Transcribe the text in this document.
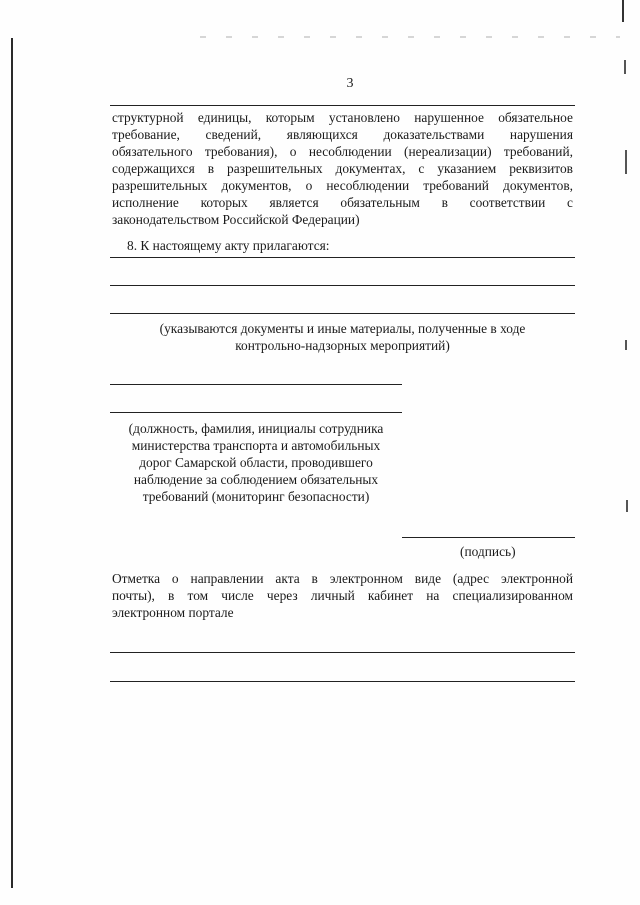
3
структурной единицы, которым установлено нарушенное обязательное
требование, сведений, являющихся доказательствами нарушения
обязательного требования), о несоблюдении (нереализации) требований,
содержащихся в разрешительных документах, с указанием реквизитов
разрешительных документов, о несоблюдении требований документов,
исполнение которых является обязательным в соответствии с
законодательством Российской Федерации)
8. К настоящему акту прилагаются:
(указываются документы и иные материалы, полученные в ходе
контрольно-надзорных мероприятий)
(должность, фамилия, инициалы сотрудника
министерства транспорта и автомобильных
дорог Самарской области, проводившего
наблюдение за соблюдением обязательных
требований (мониторинг безопасности)
(подпись)
Отметка о направлении акта в электронном виде (адрес электронной
почты), в том числе через личный кабинет на специализированном
электронном портале
